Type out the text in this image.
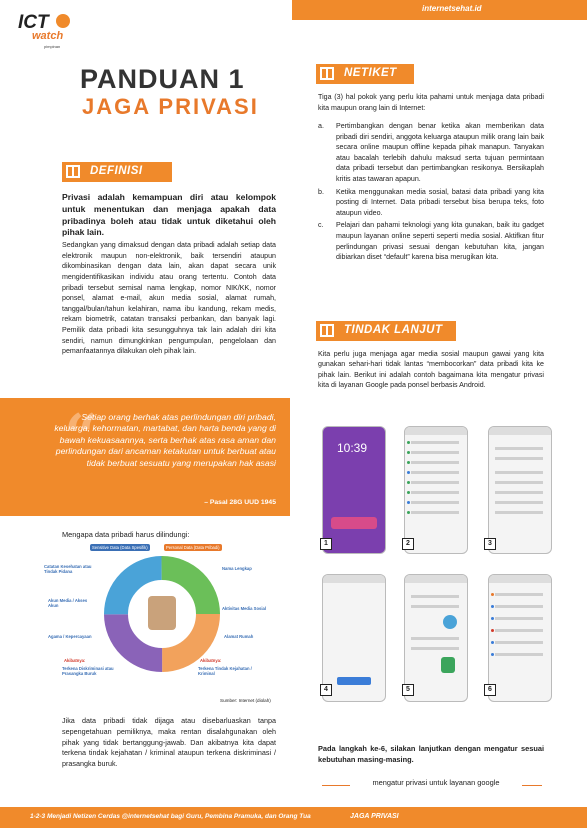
internetsehat.id
ICT
watch
pimpinan
PANDUAN 1
JAGA PRIVASI
DEFINISI
Privasi adalah kemampuan diri atau kelompok untuk menentukan dan menjaga apakah data pribadinya boleh atau tidak untuk diketahui oleh pihak lain.
Sedangkan yang dimaksud dengan data pribadi adalah setiap data elektronik maupun non-elektronik, baik tersendiri ataupun dikombinasikan dengan data lain, akan dapat secara unik mengidentifikasikan individu atau orang tertentu. Contoh data pribadi tersebut semisal nama lengkap, nomor NIK/KK, nomor ponsel, alamat e-mail, akun media sosial, alamat rumah, tanggal/bulan/tahun kelahiran, nama ibu kandung, rekam medis, rekam biometrik, catatan transaksi perbankan, dan banyak lagi. Pemilik data pribadi kita sesungguhnya tak lain adalah diri kita sendiri, namun dimungkinkan pengumpulan, pengelolaan dan pemanfaatannya dilakukan oleh pihak lain.
“
Setiap orang berhak atas perlindungan diri pribadi, keluarga, kehormatan, martabat, dan harta benda yang di bawah kekuasaannya, serta berhak atas rasa aman dan perlindungan dari ancaman ketakutan untuk berbuat atau tidak berbuat sesuatu yang merupakan hak asasi
– Pasal 28G UUD 1945
Mengapa data pribadi harus dilindungi:
Sensitive Data (Data Spesifik)	Personal Data (Data Pribadi)
Catatan Kesehatan atau Tindak Pidana
Nama Lengkap
Akun Media / Akses Akun
Aktivitas Media Sosial
Agama / Kepercayaan	Alamat Rumah
Akibatnya:
Terkena Diskriminasi atau Prasangka Buruk
Akibatnya:
Terkena Tindak Kejahatan / Kriminal
Sumber: Internet (diolah)
Jika data pribadi tidak dijaga atau disebarluaskan tanpa sepengetahuan pemiliknya, maka rentan disalahgunakan oleh pihak yang tidak bertanggung-jawab. Dan akibatnya kita dapat terkena tindak kejahatan / kriminal ataupun terkena diskriminasi / prasangka buruk.
NETIKET
Tiga (3) hal pokok yang perlu kita pahami untuk menjaga data pribadi kita maupun orang lain di Internet:
a. Pertimbangkan dengan benar ketika akan memberikan data pribadi diri sendiri, anggota keluarga ataupun milik orang lain baik secara online maupun offline kepada pihak manapun. Tanyakan atau bacalah terlebih dahulu maksud serta tujuan permintaan data pribadi tersebut dan pertimbangkan resikonya. Bersikaplah kritis atas tawaran apapun.
b. Ketika menggunakan media sosial, batasi data pribadi yang kita posting di Internet. Data pribadi tersebut bisa berupa teks, foto ataupun video.
c. Pelajari dan pahami teknologi yang kita gunakan, baik itu gadget maupun layanan online seperti seperti media sosial. Aktifkan fitur perlindungan privasi sesuai dengan kebutuhan kita, jangan dibiarkan diset “default” karena bisa merugikan kita.
TINDAK LANJUT
Kita perlu juga menjaga agar media sosial maupun gawai yang kita gunakan sehari-hari tidak lantas “membocorkan” data pribadi kita ke pihak lain. Berikut ini adalah contoh bagaimana kita mengatur privasi kita di layanan Google pada ponsel berbasis Android.
10:39
1	2	3
4	5	6
Pada langkah ke-6, silakan lanjutkan dengan mengatur sesuai kebutuhan masing-masing.
mengatur privasi untuk layanan google
1-2-3 Menjadi Netizen Cerdas @internetsehat bagi Guru, Pembina Pramuka, dan Orang Tua	JAGA PRIVASI
